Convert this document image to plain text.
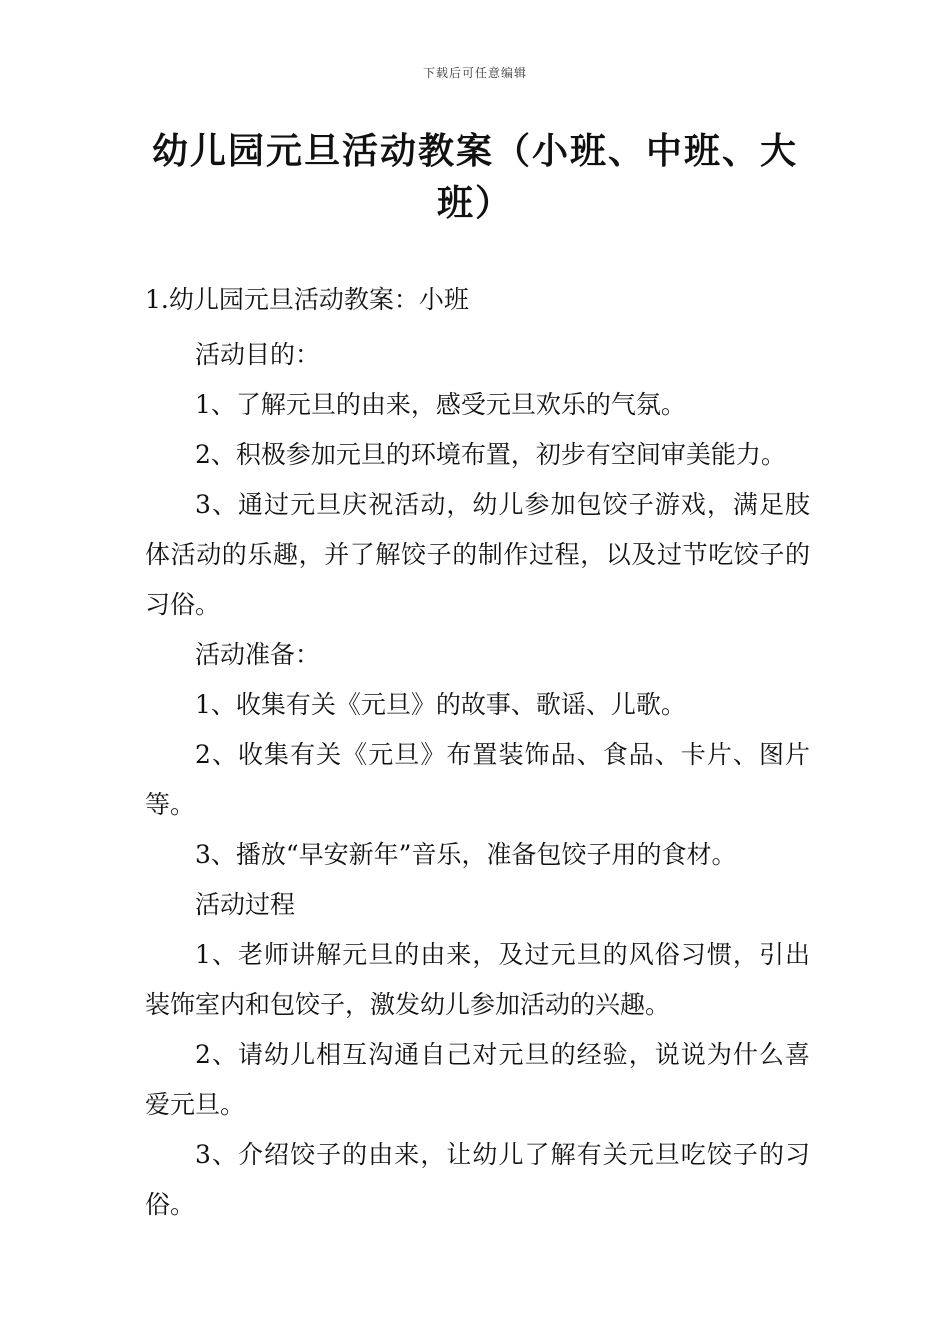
下载后可任意编辑
幼儿园元旦活动教案（小班、中班、大班）
1.幼儿园元旦活动教案：小班

活动目的：

1、了解元旦的由来，感受元旦欢乐的气氛。

2、积极参加元旦的环境布置，初步有空间审美能力。

3、通过元旦庆祝活动，幼儿参加包饺子游戏，满足肢体活动的乐趣，并了解饺子的制作过程，以及过节吃饺子的习俗。

活动准备：

1、收集有关《元旦》的故事、歌谣、儿歌。

2、收集有关《元旦》布置装饰品、食品、卡片、图片等。

3、播放“早安新年”音乐，准备包饺子用的食材。

活动过程

1、老师讲解元旦的由来，及过元旦的风俗习惯，引出装饰室内和包饺子，激发幼儿参加活动的兴趣。

2、请幼儿相互沟通自己对元旦的经验，说说为什么喜爱元旦。

3、介绍饺子的由来，让幼儿了解有关元旦吃饺子的习俗。
